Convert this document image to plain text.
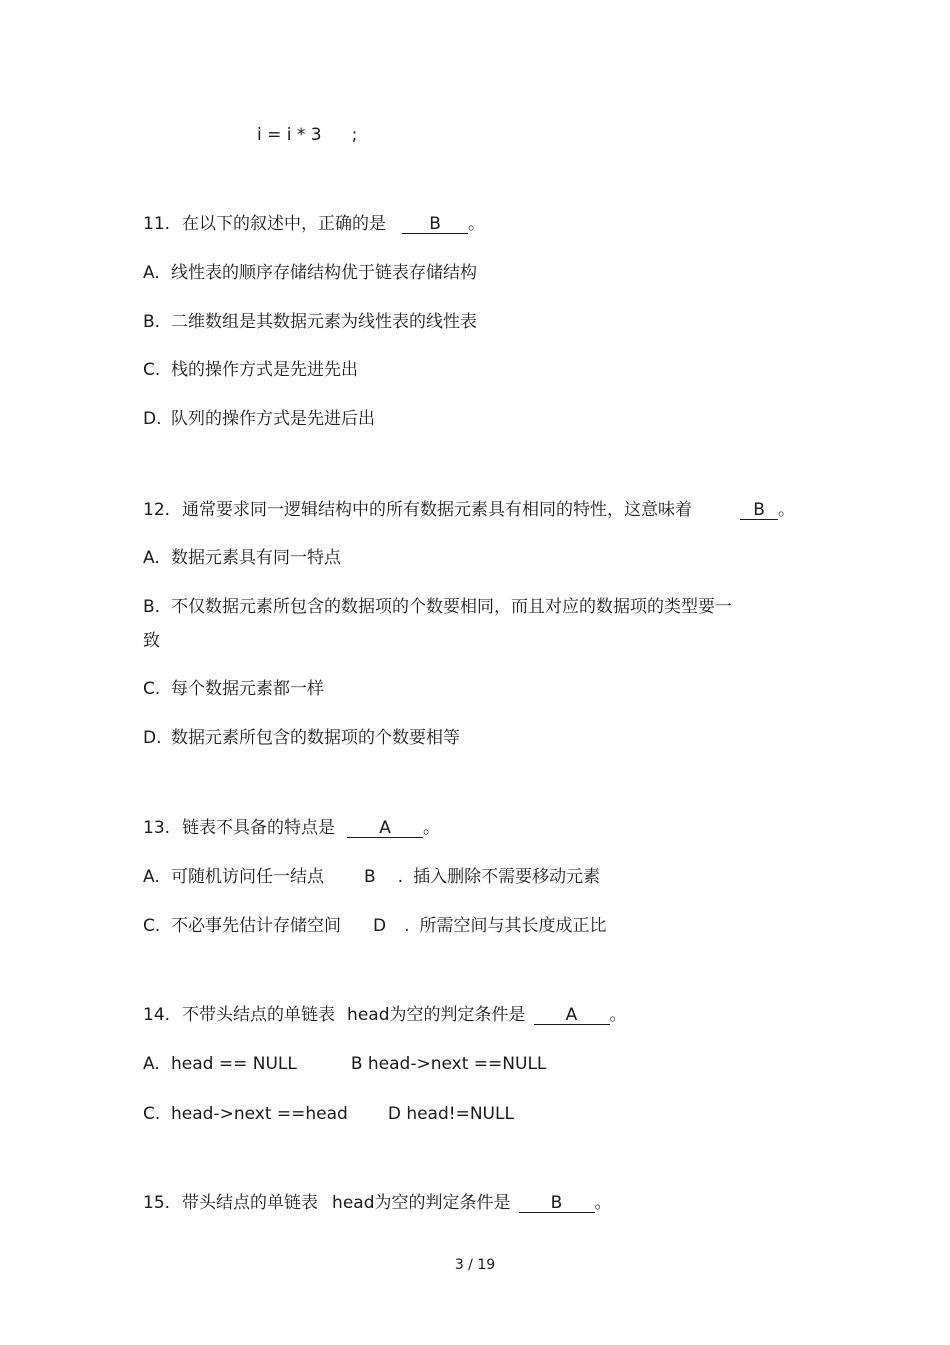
i = i * 3 ;
11. 在以下的叙述中，正确的是	B 。
A. 线性表的顺序存储结构优于链表存储结构
B. 二维数组是其数据元素为线性表的线性表
C. 栈的操作方式是先进先出
D. 队列的操作方式是先进后出
12. 通常要求同一逻辑结构中的所有数据元素具有相同的特性，这意味着	B 。
A. 数据元素具有同一特点
B. 不仅数据元素所包含的数据项的个数要相同，而且对应的数据项的类型要一
致
C. 每个数据元素都一样
D. 数据元素所包含的数据项的个数要相等
13. 链表不具备的特点是	A 。
A. 可随机访问任一结点 B . 插入删除不需要移动元素
C. 不必事先估计存储空间 D . 所需空间与其长度成正比
14. 不带头结点的单链表 head为空的判定条件是 A 。
A. head == NULL	B head->next ==NULL
C. head->next ==head D head!=NULL
15. 带头结点的单链表 head为空的判定条件是 B 。
3 / 19
